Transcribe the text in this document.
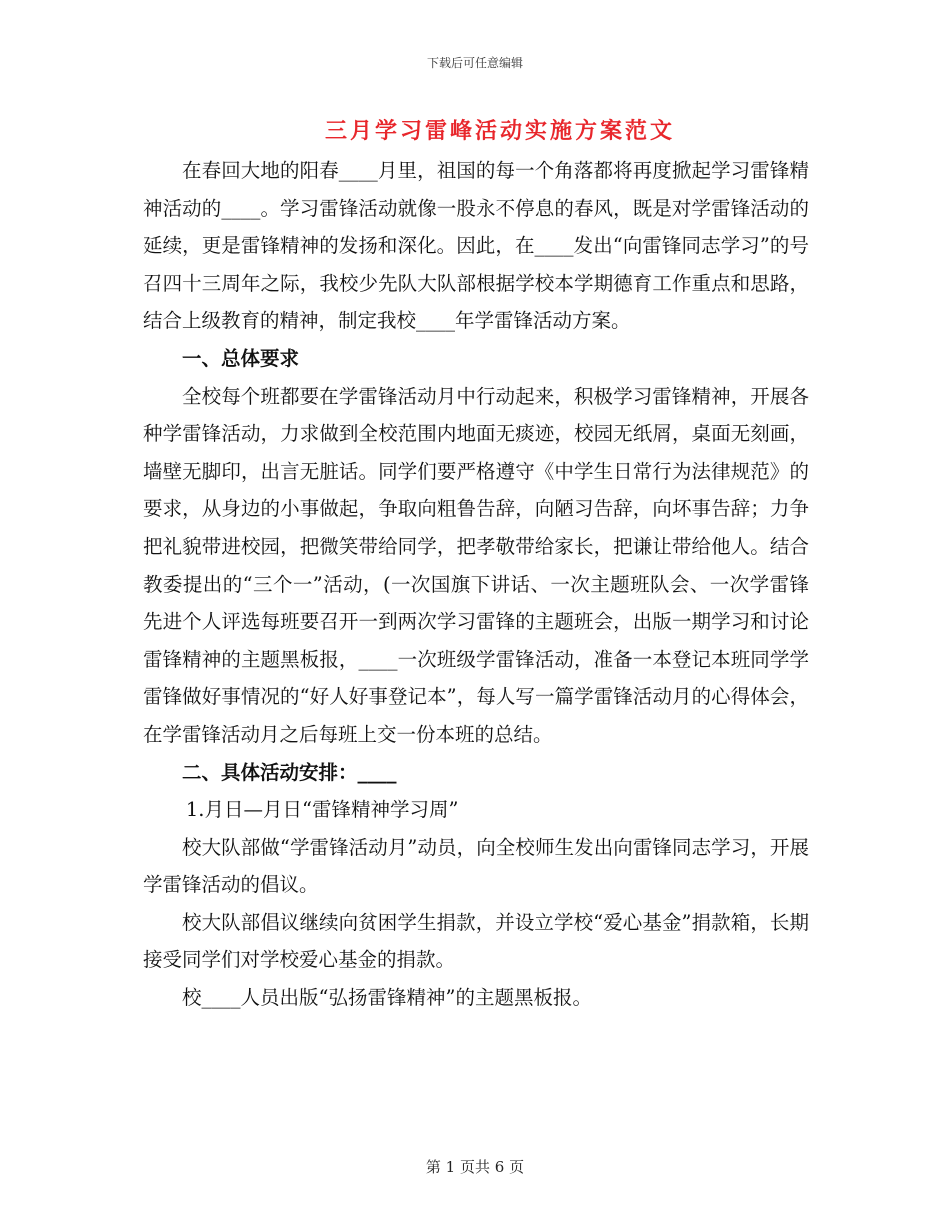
下载后可任意编辑
三月学习雷峰活动实施方案范文

在春回大地的阳春____月里，祖国的每一个角落都将再度掀起学习雷锋精神活动的____。学习雷锋活动就像一股永不停息的春风，既是对学雷锋活动的延续，更是雷锋精神的发扬和深化。因此，在____发出“向雷锋同志学习”的号召四十三周年之际，我校少先队大队部根据学校本学期德育工作重点和思路，结合上级教育的精神，制定我校____年学雷锋活动方案。

一、总体要求

全校每个班都要在学雷锋活动月中行动起来，积极学习雷锋精神，开展各种学雷锋活动，力求做到全校范围内地面无痰迹，校园无纸屑，桌面无刻画，墙壁无脚印，出言无脏话。同学们要严格遵守《中学生日常行为法律规范》的要求，从身边的小事做起，争取向粗鲁告辞，向陋习告辞，向坏事告辞；力争把礼貌带进校园，把微笑带给同学，把孝敬带给家长，把谦让带给他人。结合教委提出的“三个一”活动，(一次国旗下讲话、一次主题班队会、一次学雷锋先进个人评选每班要召开一到两次学习雷锋的主题班会，出版一期学习和讨论雷锋精神的主题黑板报，____一次班级学雷锋活动，准备一本登记本班同学学雷锋做好事情况的“好人好事登记本”，每人写一篇学雷锋活动月的心得体会，在学雷锋活动月之后每班上交一份本班的总结。

二、具体活动安排：____

1.月日—月日“雷锋精神学习周”

校大队部做“学雷锋活动月”动员，向全校师生发出向雷锋同志学习，开展学雷锋活动的倡议。

校大队部倡议继续向贫困学生捐款，并设立学校“爱心基金”捐款箱，长期接受同学们对学校爱心基金的捐款。

校____人员出版“弘扬雷锋精神”的主题黑板报。

第 1 页共 6 页
